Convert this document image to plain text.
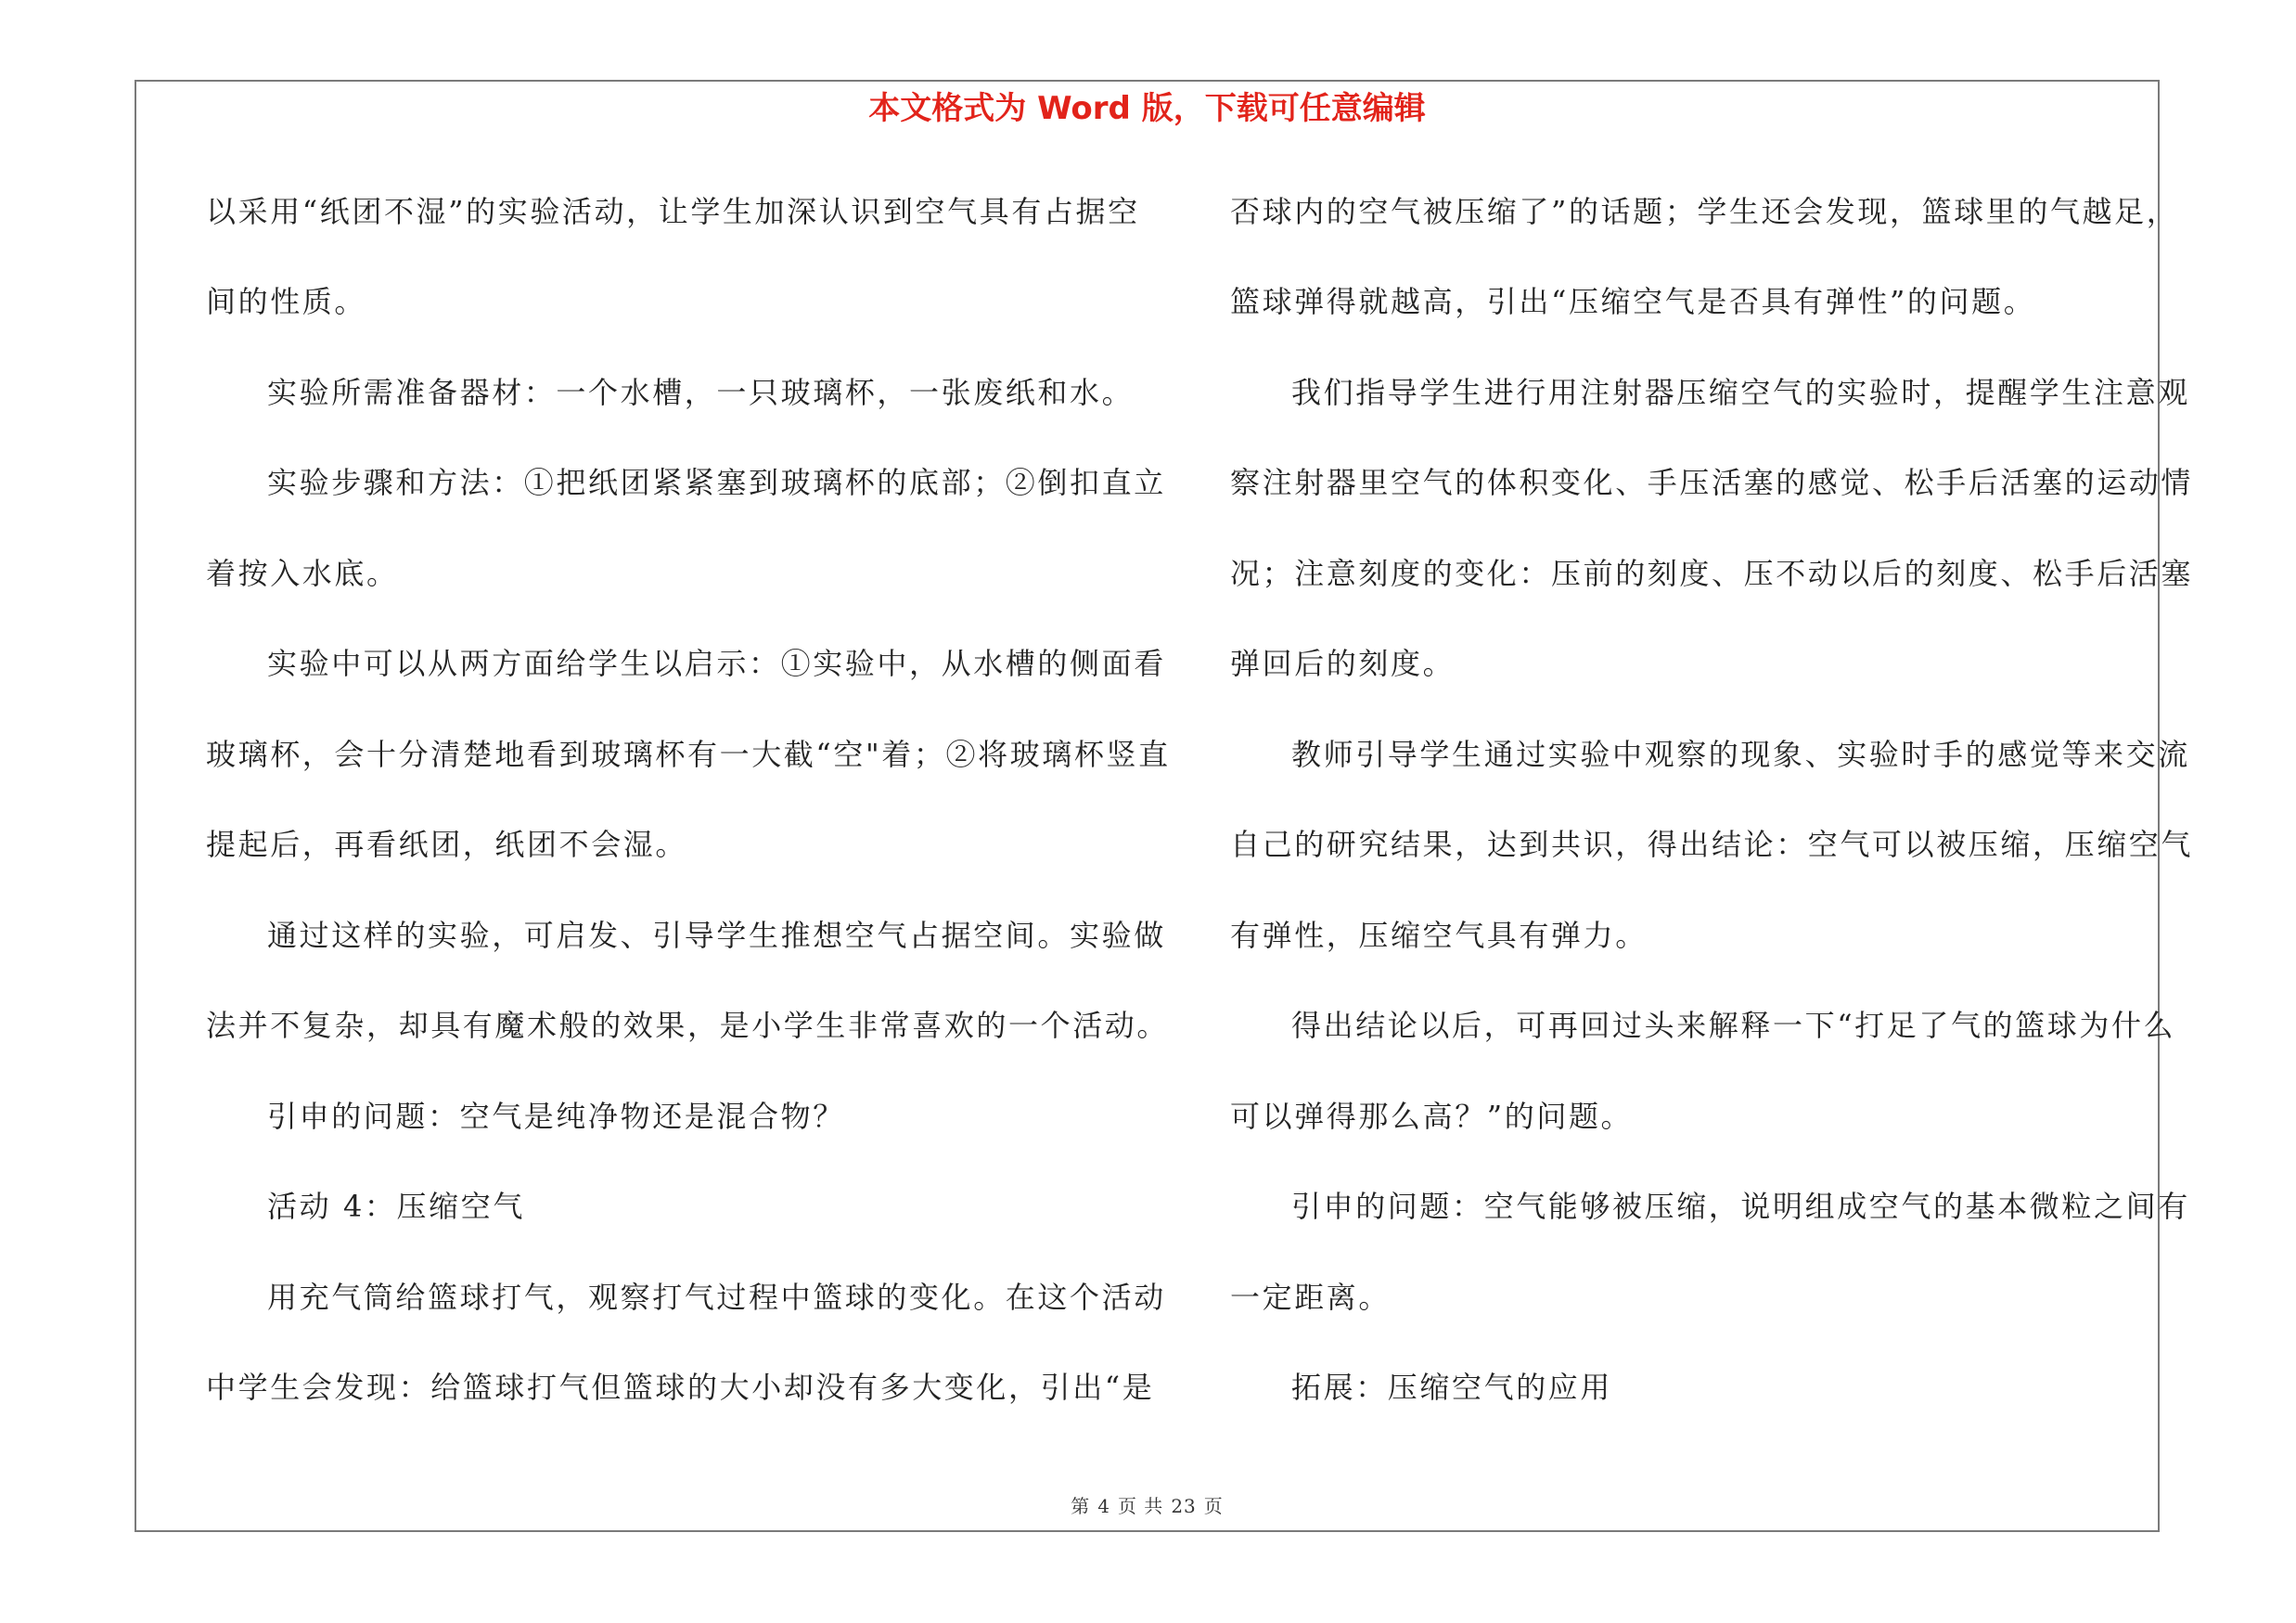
本文格式为 Word 版，下载可任意编辑
以采用“纸团不湿”的实验活动，让学生加深认识到空气具有占据空
间的性质。
实验所需准备器材：一个水槽，一只玻璃杯，一张废纸和水。
实验步骤和方法：①把纸团紧紧塞到玻璃杯的底部；②倒扣直立
着按入水底。
实验中可以从两方面给学生以启示：①实验中，从水槽的侧面看
玻璃杯，会十分清楚地看到玻璃杯有一大截“空"着；②将玻璃杯竖直
提起后，再看纸团，纸团不会湿。
通过这样的实验，可启发、引导学生推想空气占据空间。实验做
法并不复杂，却具有魔术般的效果，是小学生非常喜欢的一个活动。
引申的问题：空气是纯净物还是混合物？
活动 4：压缩空气
用充气筒给篮球打气，观察打气过程中篮球的变化。在这个活动
中学生会发现：给篮球打气但篮球的大小却没有多大变化，引出“是
否球内的空气被压缩了”的话题；学生还会发现，篮球里的气越足，
篮球弹得就越高，引出“压缩空气是否具有弹性”的问题。
我们指导学生进行用注射器压缩空气的实验时，提醒学生注意观
察注射器里空气的体积变化、手压活塞的感觉、松手后活塞的运动情
况；注意刻度的变化：压前的刻度、压不动以后的刻度、松手后活塞
弹回后的刻度。
教师引导学生通过实验中观察的现象、实验时手的感觉等来交流
自己的研究结果，达到共识，得出结论：空气可以被压缩，压缩空气
有弹性，压缩空气具有弹力。
得出结论以后，可再回过头来解释一下“打足了气的篮球为什么
可以弹得那么高？”的问题。
引申的问题：空气能够被压缩，说明组成空气的基本微粒之间有
一定距离。
拓展：压缩空气的应用
第 4 页 共 23 页
